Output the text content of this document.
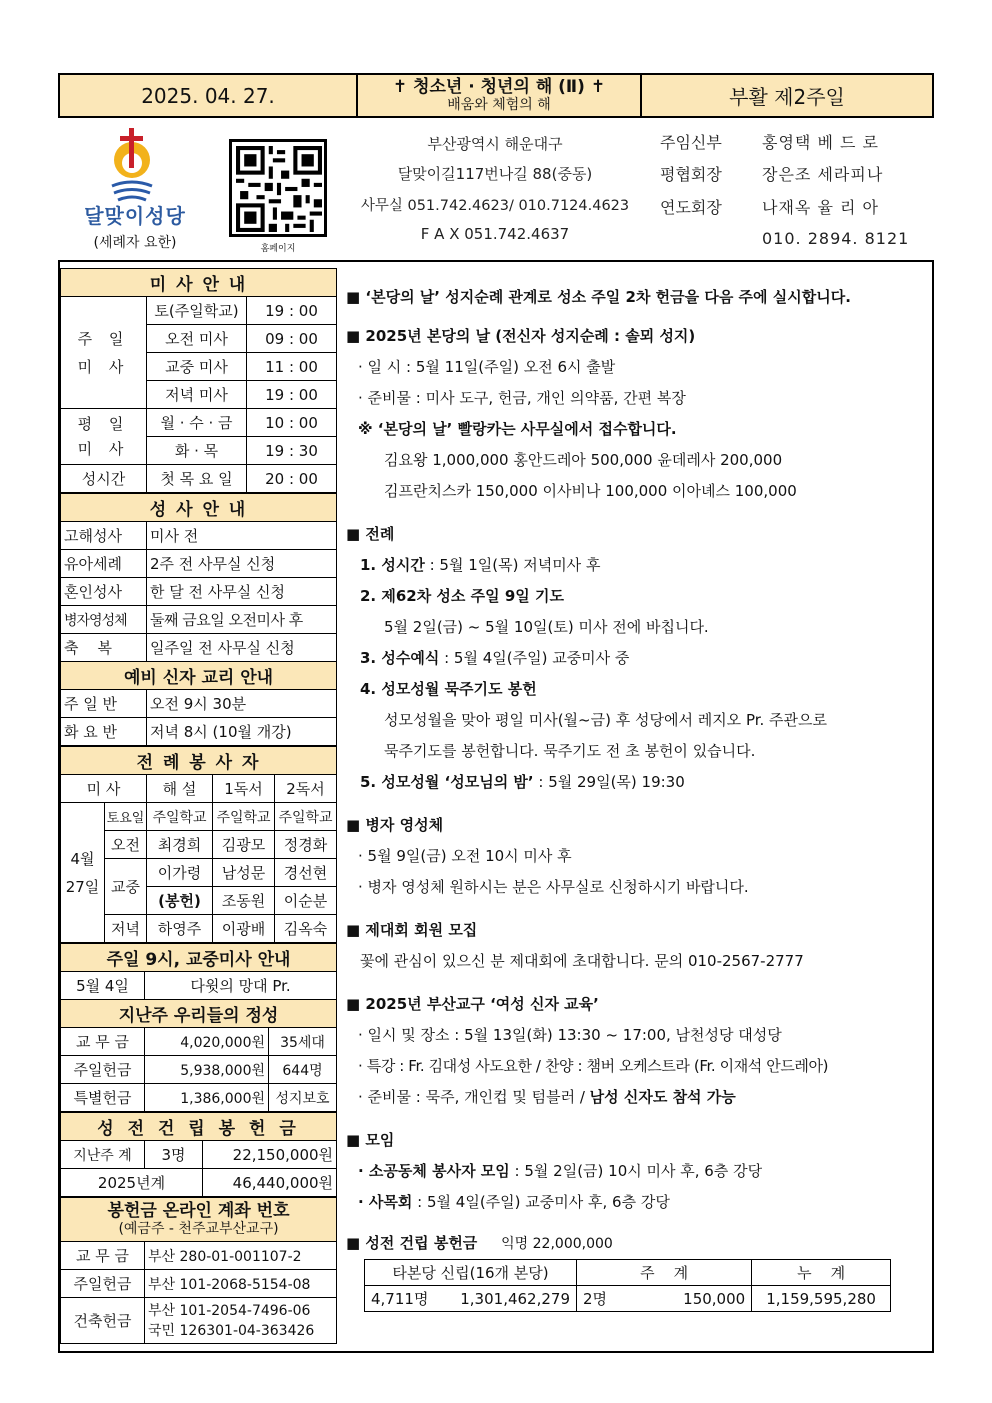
2025. 04. 27.	✝ 청소년 · 청년의 해 (Ⅱ) ✝
배움와 체험의 해	부활 제2주일
달맞이성당
(세례자 요한)	홈페이지
부산광역시 해운대구
달맞이길117번나길 88(중동)
사무실 051.742.4623/ 010.7124.4623
F A X 051.742.4637
주임신부	홍영택 베 드 로
평협회장	장은조 세라피나
연도회장	나재옥 율 리 아
010. 2894. 8121
미 사 안 내		
주 일
미 사	토(주일학교)	19 : 00
	오전 미사	09 : 00
	교중 미사	11 : 00
	저녁 미사	19 : 00
평 일
미 사	월 · 수 · 금	10 : 00
	화 · 목	19 : 30
성시간	첫 목 요 일	20 : 00
성 사 안 내	
고해성사	미사 전
유아세례	2주 전 사무실 신청
혼인성사	한 달 전 사무실 신청
병자영성체	둘째 금요일 오전미사 후
축    복	일주일 전 사무실 신청
예비 신자 교리 안내	
주 일 반	오전 9시 30분
화 요 반	저녁 8시 (10월 개강)
전 례 봉 사 자				
미 사		해 설	1독서	2독서
4월
27일	토요일	주일학교	주일학교	주일학교
	오전	최경희	김광모	정경화
	교중	이가령	남성문	경선현
		(봉헌)	조동원	이순분
	저녁	하영주	이광배	김옥숙
주일 9시, 교중미사 안내		
5월 4일	다윗의 망대 Pr.	
지난주 우리들의 정성		
교 무 금	4,020,000원	35세대
주일헌금	5,938,000원	644명
특별헌금	1,386,000원	성지보호
성 전 건 립 봉 헌 금		
지난주 계	3명	22,150,000원
2025년계		46,440,000원
봉헌금 온라인 계좌 번호
(예금주 - 천주교부산교구)	

교 무 금	부산 280-01-001107-2
주일헌금	부산 101-2068-5154-08
건축헌금	부산 101-2054-7496-06
국민 126301-04-363426
■ ‘본당의 날’ 성지순례 관계로 성소 주일 2차 헌금을 다음 주에 실시합니다.
■ 2025년 본당의 날 (전신자 성지순례 : 솔뫼 성지)
· 일 시 : 5월 11일(주일) 오전 6시 출발
· 준비물 : 미사 도구, 헌금, 개인 의약품, 간편 복장
※ ‘본당의 날’ 빨랑카는 사무실에서 접수합니다.
김요왕 1,000,000 홍안드레아 500,000 윤데레사 200,000
김프란치스카 150,000 이사비나 100,000 이아녜스 100,000
■ 전례
1. 성시간 : 5월 1일(목) 저녁미사 후
2. 제62차 성소 주일 9일 기도
5월 2일(금) ~ 5월 10일(토) 미사 전에 바칩니다.
3. 성수예식 : 5월 4일(주일) 교중미사 중
4. 성모성월 묵주기도 봉헌
성모성월을 맞아 평일 미사(월~금) 후 성당에서 레지오 Pr. 주관으로
묵주기도를 봉헌합니다. 묵주기도 전 초 봉헌이 있습니다.
5. 성모성월 ‘성모님의 밤’ : 5월 29일(목) 19:30
■ 병자 영성체
· 5월 9일(금) 오전 10시 미사 후
· 병자 영성체 원하시는 분은 사무실로 신청하시기 바랍니다.
■ 제대회 회원 모집
꽃에 관심이 있으신 분 제대회에 초대합니다. 문의 010-2567-2777
■ 2025년 부산교구 ‘여성 신자 교육’
· 일시 및 장소 : 5월 13일(화) 13:30 ~ 17:00, 남천성당 대성당
· 특강 : Fr. 김대성 사도요한 / 찬양 : 챔버 오케스트라 (Fr. 이재석 안드레아)
· 준비물 : 묵주, 개인컵 및 텀블러 / 남성 신자도 참석 가능
■ 모임
· 소공동체 봉사자 모임 : 5월 2일(금) 10시 미사 후, 6층 강당
· 사목회 : 5월 4일(주일) 교중미사 후, 6층 강당
■ 성전 건립 봉헌금 익명 22,000,000
타본당 신립(16개 본당)		주    계		누    계
4,711명	1,301,462,279	2명	150,000	1,159,595,280
